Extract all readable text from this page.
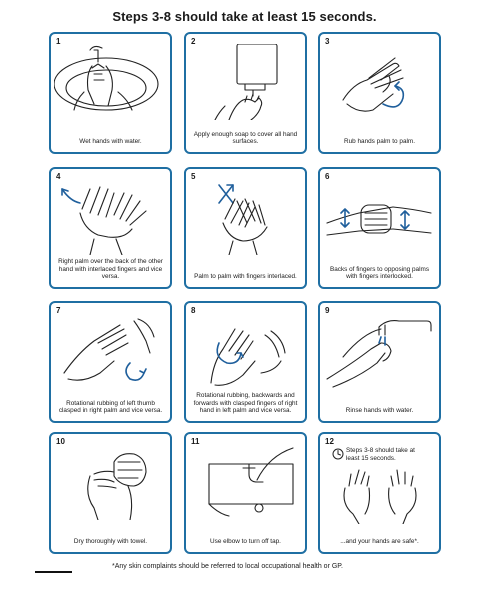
Steps 3-8 should take at least 15 seconds.
1
Wet hands with water.
2
Apply enough soap to cover all hand surfaces.
3
Rub hands palm to palm.
4
Right palm over the back of the other hand with interlaced fingers and vice versa.
5
Palm to palm with fingers interlaced.
6
Backs of fingers to opposing palms with fingers interlocked.
7
Rotational rubbing of left thumb clasped in right palm and vice versa.
8
Rotational rubbing, backwards and forwards with clasped fingers of right hand in left palm and vice versa.
9
Rinse hands with water.
10
Dry thoroughly with towel.
11
Use elbow to turn off tap.
12
Steps 3-8 should take at least 15 seconds.
...and your hands are safe*.
*Any skin complaints should be referred to local occupational health or GP.
